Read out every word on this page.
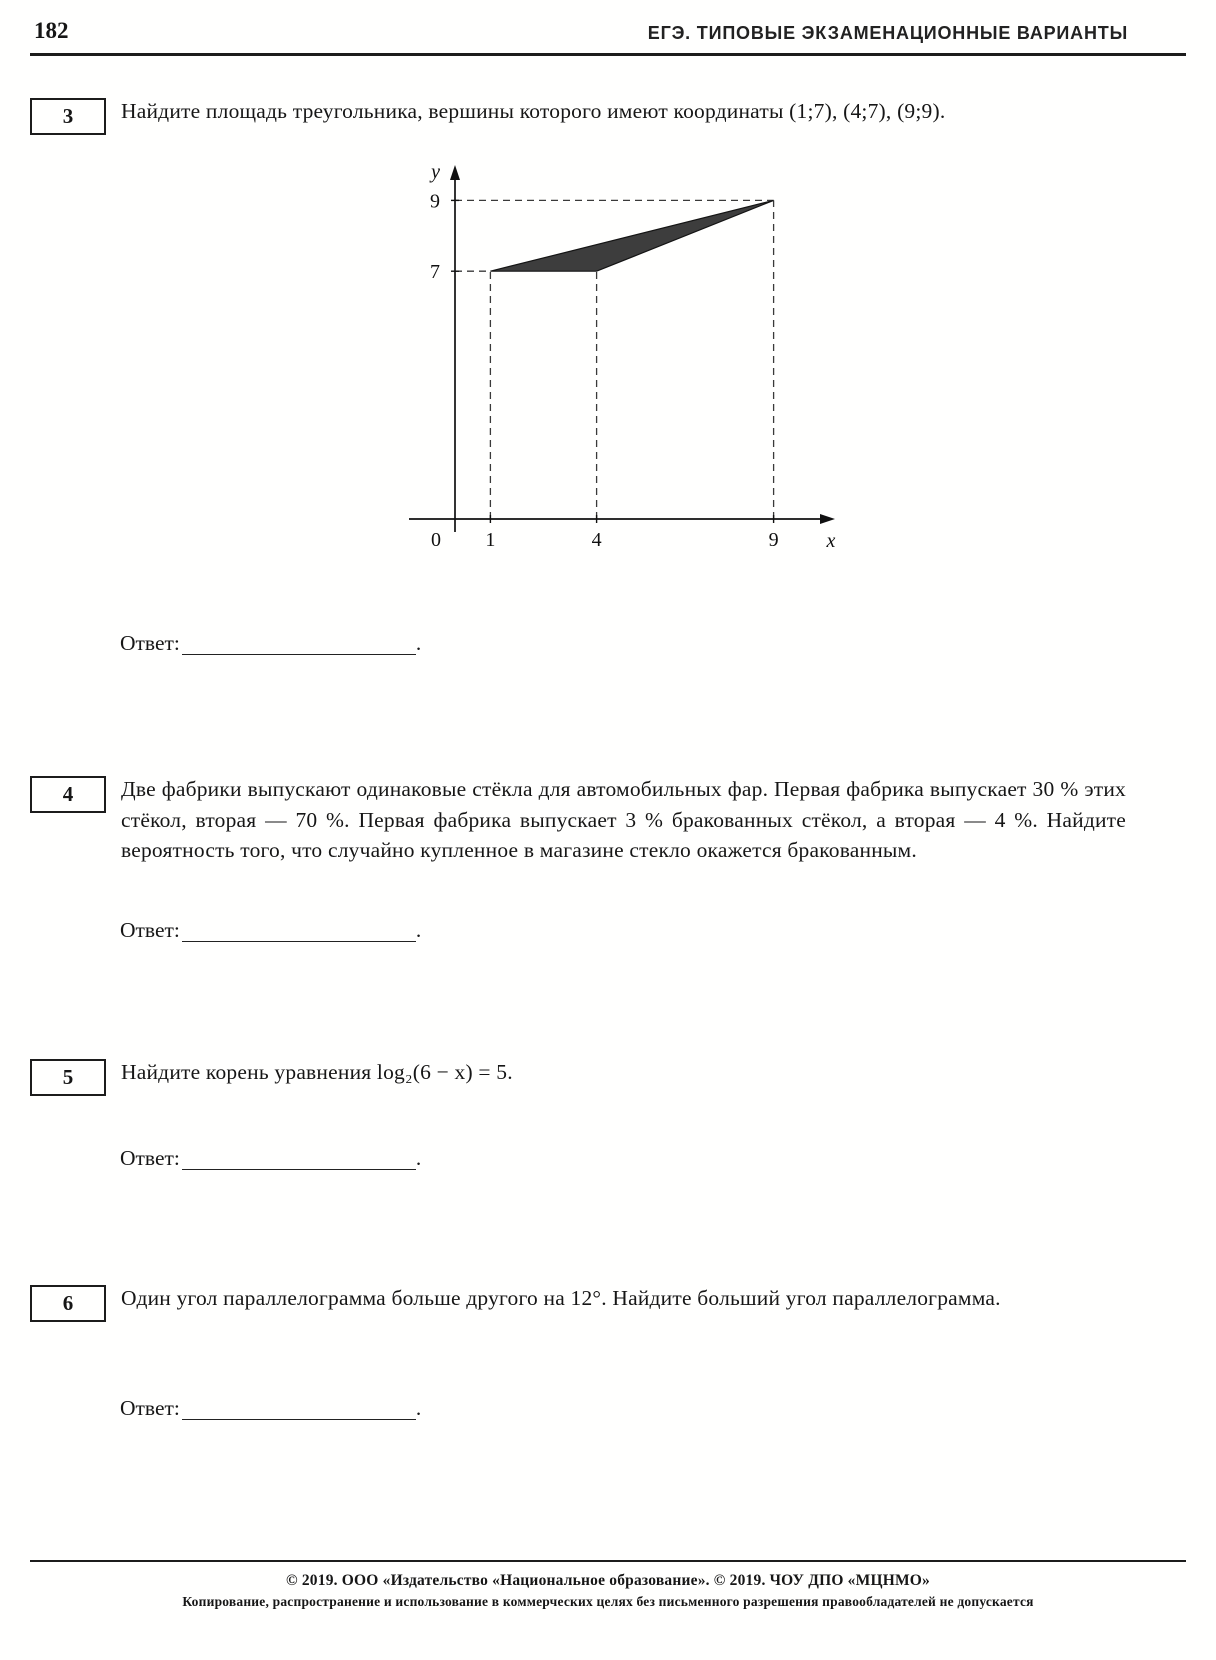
182	ЕГЭ. ТИПОВЫЕ ЭКЗАМЕНАЦИОННЫЕ ВАРИАНТЫ
3 Найдите площадь треугольника, вершины которого имеют координаты (1;7), (4;7), (9;9).
1	4	9
7
9
0	x
y
Ответ:	.
4 Две фабрики выпускают одинаковые стёкла для автомобильных фар. Первая фабрика выпускает 30 % этих стёкол, вторая — 70 %. Первая фабрика выпускает 3 % бракованных стёкол, а вторая — 4 %. Найдите вероятность того, что случайно купленное в магазине стекло окажется бракованным.
Ответ:	.
5 Найдите корень уравнения log₂(6 − x) = 5.
Ответ:	.
6 Один угол параллелограмма больше другого на 12°. Найдите больший угол параллелограмма.
Ответ:	.
© 2019. ООО «Издательство «Национальное образование». © 2019. ЧОУ ДПО «МЦНМО»
Копирование, распространение и использование в коммерческих целях без письменного разрешения правообладателей не допускается
